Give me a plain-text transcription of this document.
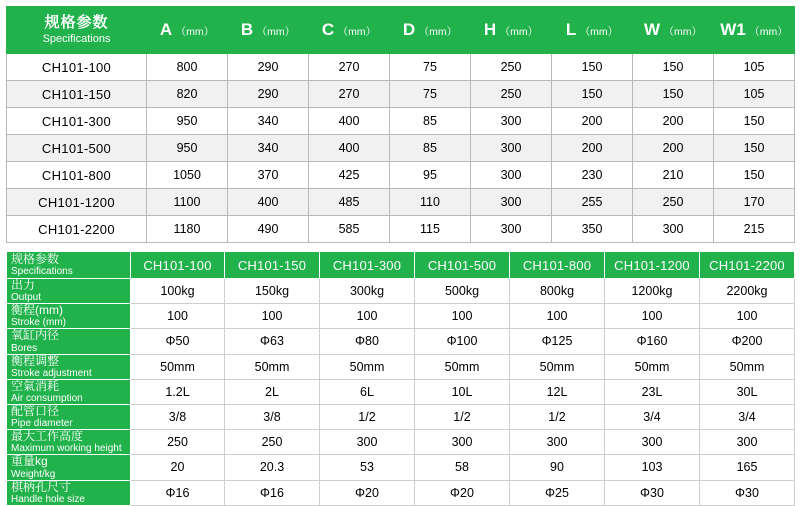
规格参数
Specifications	A （mm）	B （mm）	C （mm）	D （mm）	H （mm）	L （mm）	W （mm）	W1 （mm）
CH101-100	800	290	270	75	250	150	150	105
CH101-150	820	290	270	75	250	150	150	105
CH101-300	950	340	400	85	300	200	200	150
CH101-500	950	340	400	85	300	200	200	150
CH101-800	1050	370	425	95	300	230	210	150
CH101-1200	1100	400	485	110	300	255	250	170
CH101-2200	1180	490	585	115	300	350	300	215
规格参数
Specifications	CH101-100	CH101-150	CH101-300	CH101-500	CH101-800	CH101-1200	CH101-2200

出力
Output	100kg	150kg	300kg	500kg	800kg	1200kg	2200kg

衡程(mm)
Stroke (mm)	100	100	100	100	100	100	100

氧缸内径
Bores	Φ50	Φ63	Φ80	Φ100	Φ125	Φ160	Φ200

衡程调整
Stroke adjustment	50mm	50mm	50mm	50mm	50mm	50mm	50mm

空氣消耗
Air consumption	1.2L	2L	6L	10L	12L	23L	30L

配管口径
Pipe diameter	3/8	3/8	1/2	1/2	1/2	3/4	3/4

最大工作高度
Maximum working height	250	250	300	300	300	300	300

重量kg
Weight/kg	20	20.3	53	58	90	103	165

棋柄孔尺寸
Handle hole size	Φ16	Φ16	Φ20	Φ20	Φ25	Φ30	Φ30
